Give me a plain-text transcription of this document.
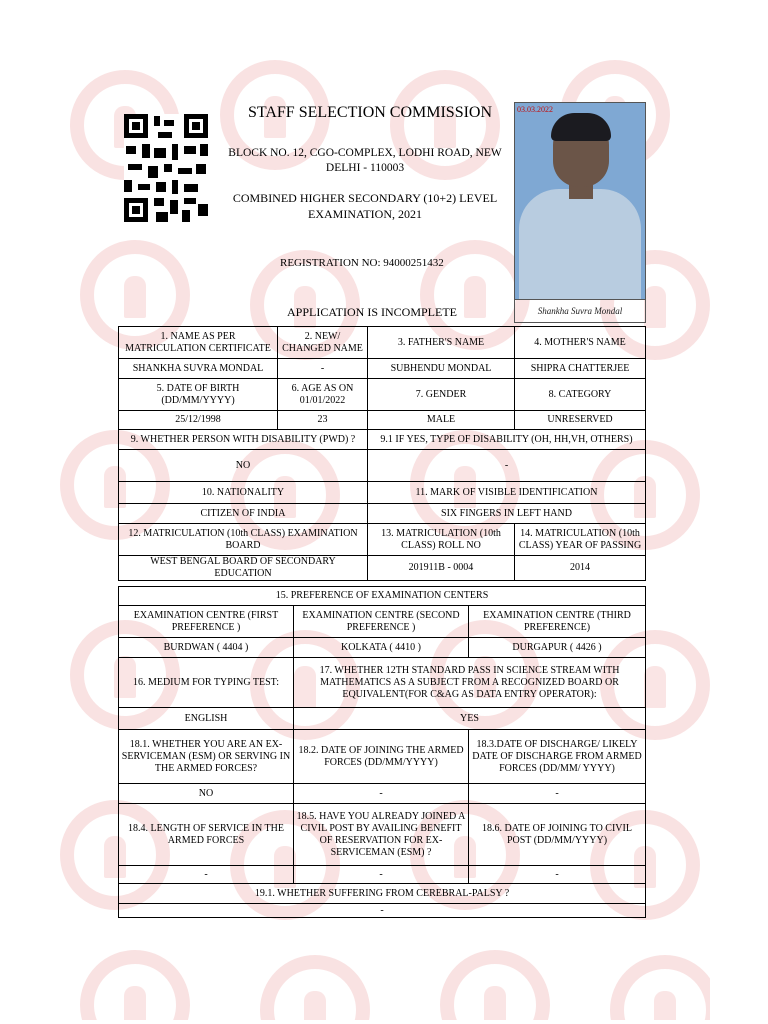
STAFF SELECTION COMMISSION
BLOCK NO. 12, CGO-COMPLEX, LODHI ROAD, NEW DELHI - 110003
COMBINED HIGHER SECONDARY (10+2) LEVEL EXAMINATION, 2021
REGISTRATION NO: 94000251432
APPLICATION IS INCOMPLETE
03.03.2022
Shankha Suvra Mondal
1. NAME AS PER MATRICULATION CERTIFICATE	2. NEW/ CHANGED NAME	3. FATHER'S NAME	4. MOTHER'S NAME
SHANKHA SUVRA MONDAL	-	SUBHENDU MONDAL	SHIPRA CHATTERJEE
5. DATE OF BIRTH (DD/MM/YYYY)	6. AGE AS ON 01/01/2022	7. GENDER	8. CATEGORY
25/12/1998	23	MALE	UNRESERVED
9. WHETHER PERSON WITH DISABILITY (PWD) ?		9.1 IF YES, TYPE OF DISABILITY (OH, HH,VH, OTHERS)	
NO		-	
10. NATIONALITY		11. MARK OF VISIBLE IDENTIFICATION	
CITIZEN OF INDIA		SIX FINGERS IN LEFT HAND	
12. MATRICULATION (10th CLASS) EXAMINATION BOARD		13. MATRICULATION (10th CLASS) ROLL NO	14. MATRICULATION (10th CLASS) YEAR OF PASSING
WEST BENGAL BOARD OF SECONDARY EDUCATION		201911B - 0004	2014
15. PREFERENCE OF EXAMINATION CENTERS		
EXAMINATION CENTRE (FIRST PREFERENCE )	EXAMINATION CENTRE (SECOND PREFERENCE )	EXAMINATION CENTRE (THIRD PREFERENCE)
BURDWAN ( 4404 )	KOLKATA ( 4410 )	DURGAPUR ( 4426 )
16. MEDIUM FOR TYPING TEST:	17. WHETHER 12TH STANDARD PASS IN SCIENCE STREAM WITH MATHEMATICS AS A SUBJECT FROM A RECOGNIZED BOARD OR EQUIVALENT(FOR C&AG AS DATA ENTRY OPERATOR):	
ENGLISH	YES	
18.1. WHETHER YOU ARE AN EX-SERVICEMAN (ESM) OR SERVING IN THE ARMED FORCES?	18.2. DATE OF JOINING THE ARMED FORCES (DD/MM/YYYY)	18.3.DATE OF DISCHARGE/ LIKELY DATE OF DISCHARGE FROM ARMED FORCES (DD/MM/ YYYY)
NO	-	-
18.4. LENGTH OF SERVICE IN THE ARMED FORCES	18.5. HAVE YOU ALREADY JOINED A CIVIL POST BY AVAILING BENEFIT OF RESERVATION FOR EX-SERVICEMAN (ESM) ?	18.6. DATE OF JOINING TO CIVIL POST (DD/MM/YYYY)
-	-	-
19.1. WHETHER SUFFERING FROM CEREBRAL-PALSY ?		
-		
